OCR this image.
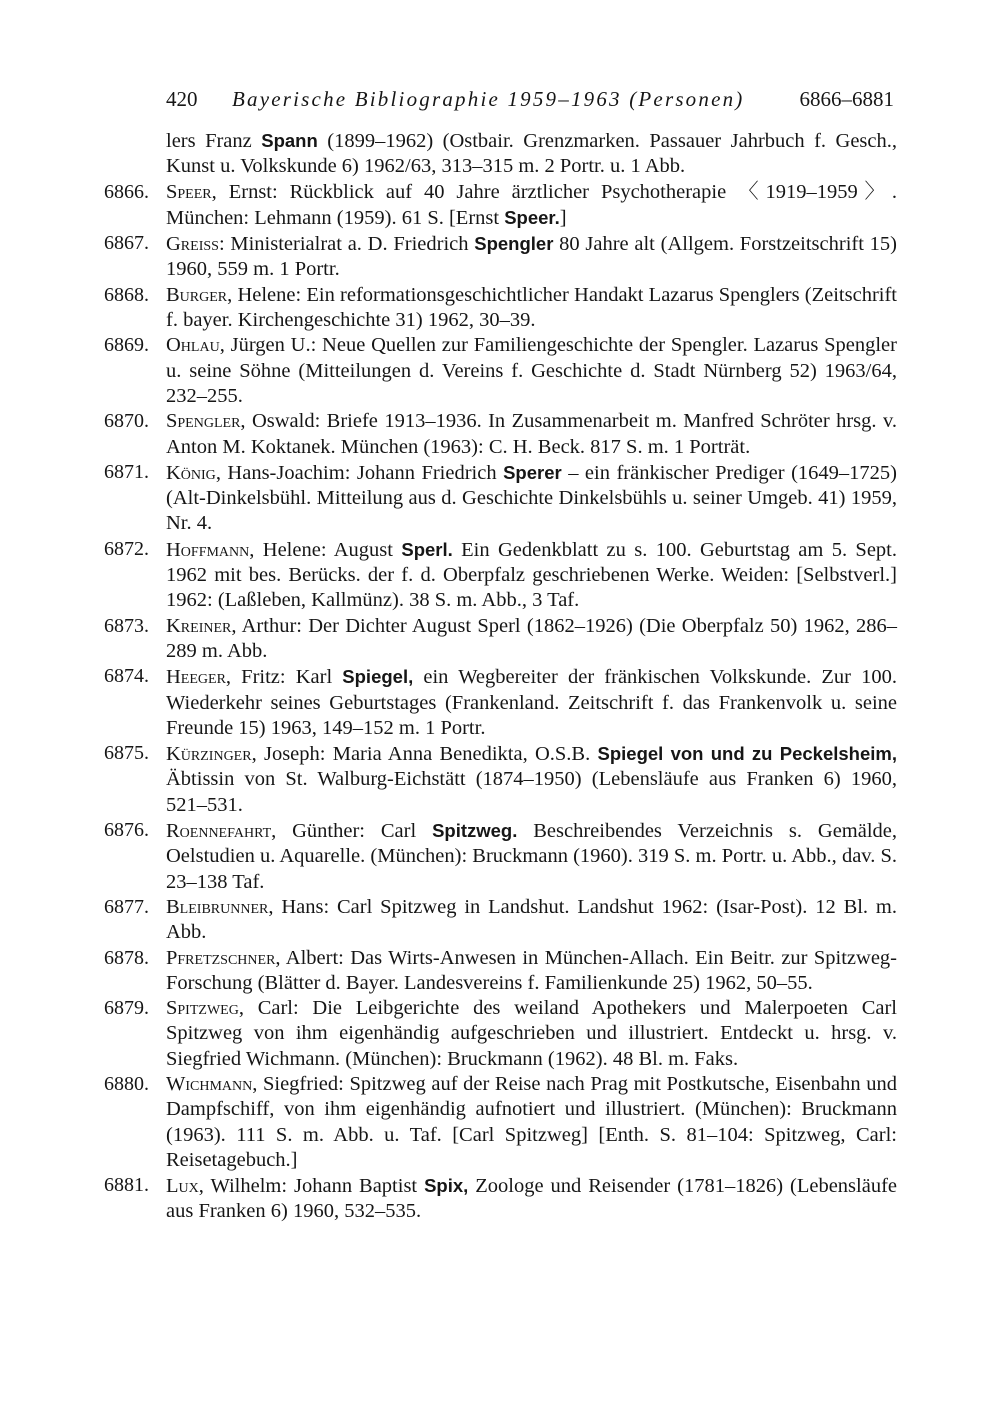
420 Bayerische Bibliographie 1959–1963 (Personen)	6866–6881
lers Franz Spann (1899–1962) (Ostbair. Grenzmarken. Passauer Jahrbuch f. Gesch., Kunst u. Volkskunde 6) 1962/63, 313–315 m. 2 Portr. u. 1 Abb.
6866. Speer, Ernst: Rückblick auf 40 Jahre ärztlicher Psychotherapie 〈1919–1959〉. München: Lehmann (1959). 61 S. [Ernst Speer.]
6867. Greiss: Ministerialrat a. D. Friedrich Spengler 80 Jahre alt (Allgem. Forstzeitschrift 15) 1960, 559 m. 1 Portr.
6868. Burger, Helene: Ein reformationsgeschichtlicher Handakt Lazarus Spenglers (Zeitschrift f. bayer. Kirchengeschichte 31) 1962, 30–39.
6869. Ohlau, Jürgen U.: Neue Quellen zur Familiengeschichte der Spengler. Lazarus Spengler u. seine Söhne (Mitteilungen d. Vereins f. Geschichte d. Stadt Nürnberg 52) 1963/64, 232–255.
6870. Spengler, Oswald: Briefe 1913–1936. In Zusammenarbeit m. Manfred Schröter hrsg. v. Anton M. Koktanek. München (1963): C. H. Beck. 817 S. m. 1 Porträt.
6871. König, Hans-Joachim: Johann Friedrich Sperer – ein fränkischer Prediger (1649–1725) (Alt-Dinkelsbühl. Mitteilung aus d. Geschichte Dinkelsbühls u. seiner Umgeb. 41) 1959, Nr. 4.
6872. Hoffmann, Helene: August Sperl. Ein Gedenkblatt zu s. 100. Geburtstag am 5. Sept. 1962 mit bes. Berücks. der f. d. Oberpfalz geschriebenen Werke. Weiden: [Selbstverl.] 1962: (Laßleben, Kallmünz). 38 S. m. Abb., 3 Taf.
6873. Kreiner, Arthur: Der Dichter August Sperl (1862–1926) (Die Oberpfalz 50) 1962, 286–289 m. Abb.
6874. Heeger, Fritz: Karl Spiegel, ein Wegbereiter der fränkischen Volkskunde. Zur 100. Wiederkehr seines Geburtstages (Frankenland. Zeitschrift f. das Frankenvolk u. seine Freunde 15) 1963, 149–152 m. 1 Portr.
6875. Kürzinger, Joseph: Maria Anna Benedikta, O.S.B. Spiegel von und zu Peckelsheim, Äbtissin von St. Walburg-Eichstätt (1874–1950) (Lebensläufe aus Franken 6) 1960, 521–531.
6876. Roennefahrt, Günther: Carl Spitzweg. Beschreibendes Verzeichnis s. Gemälde, Oelstudien u. Aquarelle. (München): Bruckmann (1960). 319 S. m. Portr. u. Abb., dav. S. 23–138 Taf.
6877. Bleibrunner, Hans: Carl Spitzweg in Landshut. Landshut 1962: (Isar-Post). 12 Bl. m. Abb.
6878. Pfretzschner, Albert: Das Wirts-Anwesen in München-Allach. Ein Beitr. zur Spitzweg-Forschung (Blätter d. Bayer. Landesvereins f. Familienkunde 25) 1962, 50–55.
6879. Spitzweg, Carl: Die Leibgerichte des weiland Apothekers und Malerpoeten Carl Spitzweg von ihm eigenhändig aufgeschrieben und illustriert. Entdeckt u. hrsg. v. Siegfried Wichmann. (München): Bruckmann (1962). 48 Bl. m. Faks.
6880. Wichmann, Siegfried: Spitzweg auf der Reise nach Prag mit Postkutsche, Eisenbahn und Dampfschiff, von ihm eigenhändig aufnotiert und illustriert. (München): Bruckmann (1963). 111 S. m. Abb. u. Taf. [Carl Spitzweg] [Enth. S. 81–104: Spitzweg, Carl: Reisetagebuch.]
6881. Lux, Wilhelm: Johann Baptist Spix, Zoologe und Reisender (1781–1826) (Lebensläufe aus Franken 6) 1960, 532–535.
